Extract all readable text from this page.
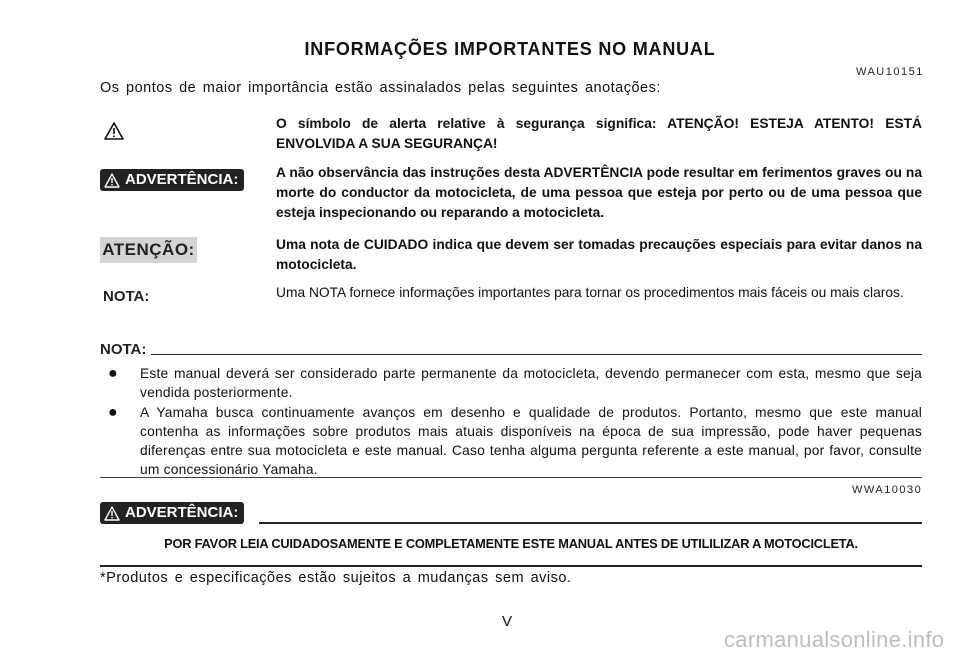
INFORMAÇÕES IMPORTANTES NO MANUAL
WAU10151
Os pontos de maior importância estão assinalados pelas seguintes anotações:
O símbolo de alerta relative à segurança significa: ATENÇÃO! ESTEJA ATENTO! ESTÁ ENVOLVIDA A SUA SEGURANÇA!
ADVERTÊNCIA:	A não observância das instruções desta ADVERTÊNCIA pode resultar em ferimentos graves ou na morte do conductor da motocicleta, de uma pessoa que esteja por perto ou de uma pessoa que esteja inspecionando ou reparando a motocicleta.
ATENÇÃO:	Uma nota de CUIDADO indica que devem ser tomadas precauções especiais para evitar danos na motocicleta.
NOTA:	Uma NOTA fornece informações importantes para tornar os procedimentos mais fáceis ou mais claros.
NOTA:
●	Este manual deverá ser considerado parte permanente da motocicleta, devendo permanecer com esta, mesmo que seja vendida posteriormente.
●	A Yamaha busca continuamente avanços em desenho e qualidade de produtos. Portanto, mesmo que este manual contenha as informações sobre produtos mais atuais disponíveis na época de sua impressão, pode haver pequenas diferenças entre sua motocicleta e este manual. Caso tenha alguma pergunta referente a este manual, por favor, consulte um concessionário Yamaha.
WWA10030
ADVERTÊNCIA:
POR FAVOR LEIA CUIDADOSAMENTE E COMPLETAMENTE ESTE MANUAL ANTES DE UTILILIZAR A MOTOCICLETA.
*Produtos e especificações estão sujeitos a mudanças sem aviso.
V
carmanualsonline.info
